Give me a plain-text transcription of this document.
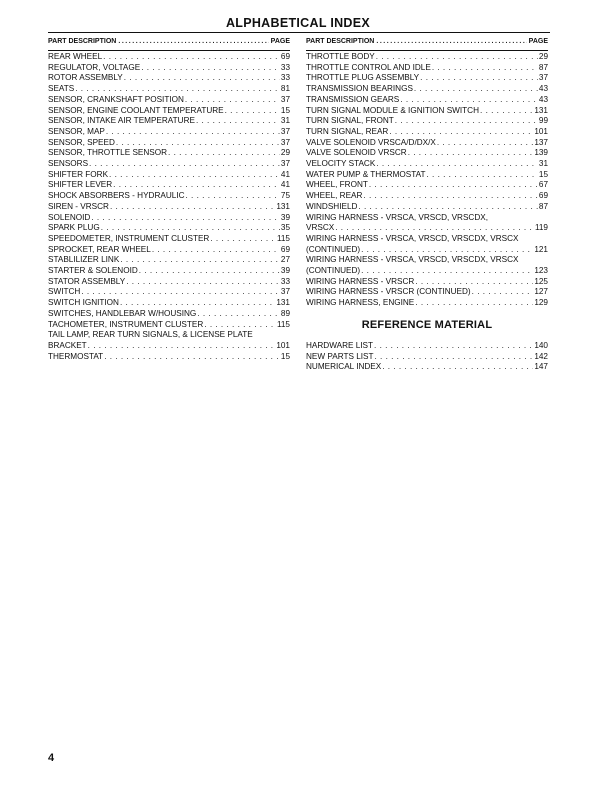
ALPHABETICAL INDEX
PART DESCRIPTION . . .	PAGE
REAR WHEEL . . .	69
REGULATOR, VOLTAGE . . .	33
ROTOR ASSEMBLY . . .	33
SEATS . . .	81
SENSOR, CRANKSHAFT POSITION . . .	37
SENSOR, ENGINE COOLANT TEMPERATURE . . .	15
SENSOR, INTAKE AIR TEMPERATURE . . .	31
SENSOR, MAP . . .	37
SENSOR, SPEED . . .	37
SENSOR, THROTTLE SENSOR . . .	29
SENSORS . . .	37
SHIFTER FORK . . .	41
SHIFTER LEVER . . .	41
SHOCK ABSORBERS - HYDRAULIC . . .	75
SIREN - VRSCR . . .	131
SOLENOID . . .	39
SPARK PLUG . . .	35
SPEEDOMETER, INSTRUMENT CLUSTER . . .	115
SPROCKET, REAR WHEEL . . .	69
STABLILIZER LINK . . .	27
STARTER & SOLENOID . . .	39
STATOR ASSEMBLY . . .	33
SWITCH . . .	37
SWITCH IGNITION . . .	131
SWITCHES, HANDLEBAR W/HOUSING . . .	89
TACHOMETER, INSTRUMENT CLUSTER . . .	115
TAIL LAMP, REAR TURN SIGNALS, & LICENSE PLATE
BRACKET . . .	101
THERMOSTAT . . .	15
PART DESCRIPTION . . .	PAGE
THROTTLE BODY . . .	29
THROTTLE CONTROL AND IDLE . . .	87
THROTTLE PLUG ASSEMBLY . . .	37
TRANSMISSION BEARINGS . . .	43
TRANSMISSION GEARS . . .	43
TURN SIGNAL MODULE & IGNITION SWITCH . . .	131
TURN SIGNAL, FRONT . . .	99
TURN SIGNAL, REAR . . .	101
VALVE SOLENOID VRSCA/D/DX/X . . .	137
VALVE SOLENOID VRSCR . . .	139
VELOCITY STACK . . .	31
WATER PUMP & THERMOSTAT . . .	15
WHEEL, FRONT . . .	67
WHEEL, REAR . . .	69
WINDSHIELD . . .	87
WIRING HARNESS - VRSCA, VRSCD, VRSCDX,
VRSCX . . .	119
WIRING HARNESS - VRSCA, VRSCD, VRSCDX, VRSCX
(CONTINUED) . . .	121
WIRING HARNESS - VRSCA, VRSCD, VRSCDX, VRSCX
(CONTINUED) . . .	123
WIRING HARNESS - VRSCR . . .	125
WIRING HARNESS - VRSCR (CONTINUED) . . .	127
WIRING HARNESS, ENGINE . . .	129
REFERENCE MATERIAL
HARDWARE LIST . . .	140
NEW PARTS LIST . . .	142
NUMERICAL INDEX . . .	147
4
